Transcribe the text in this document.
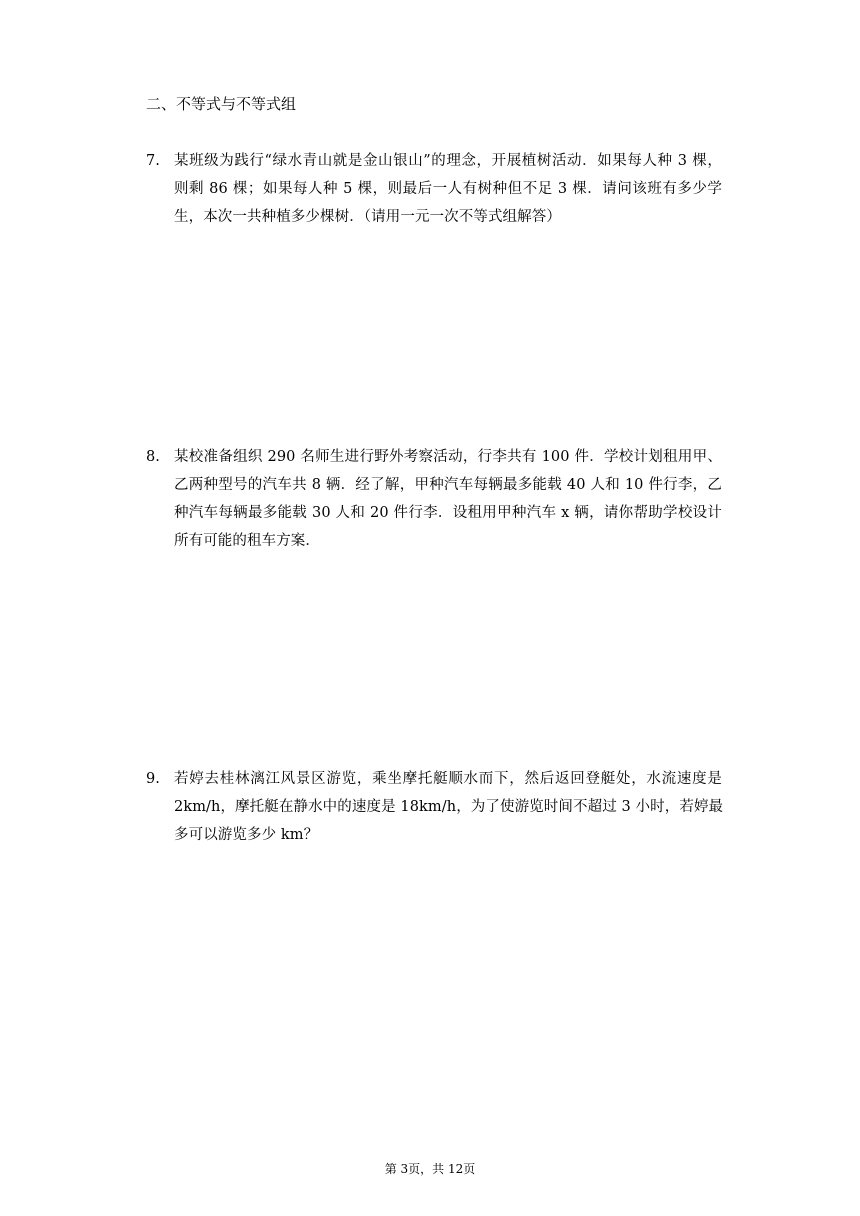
二、不等式与不等式组
7. 某班级为践行“绿水青山就是金山银山”的理念，开展植树活动．如果每人种 3 棵，
则剩 86 棵；如果每人种 5 棵，则最后一人有树种但不足 3 棵．请问该班有多少学
生，本次一共种植多少棵树．（请用一元一次不等式组解答）
8. 某校准备组织 290 名师生进行野外考察活动，行李共有 100 件．学校计划租用甲、
乙两种型号的汽车共 8 辆．经了解，甲种汽车每辆最多能载 40 人和 10 件行李，乙
种汽车每辆最多能载 30 人和 20 件行李．设租用甲种汽车 x 辆，请你帮助学校设计
所有可能的租车方案．
9. 若婷去桂林漓江风景区游览，乘坐摩托艇顺水而下，然后返回登艇处，水流速度是
2km/h，摩托艇在静水中的速度是 18km/h，为了使游览时间不超过 3 小时，若婷最
多可以游览多少 km？
第 3页，共 12页
